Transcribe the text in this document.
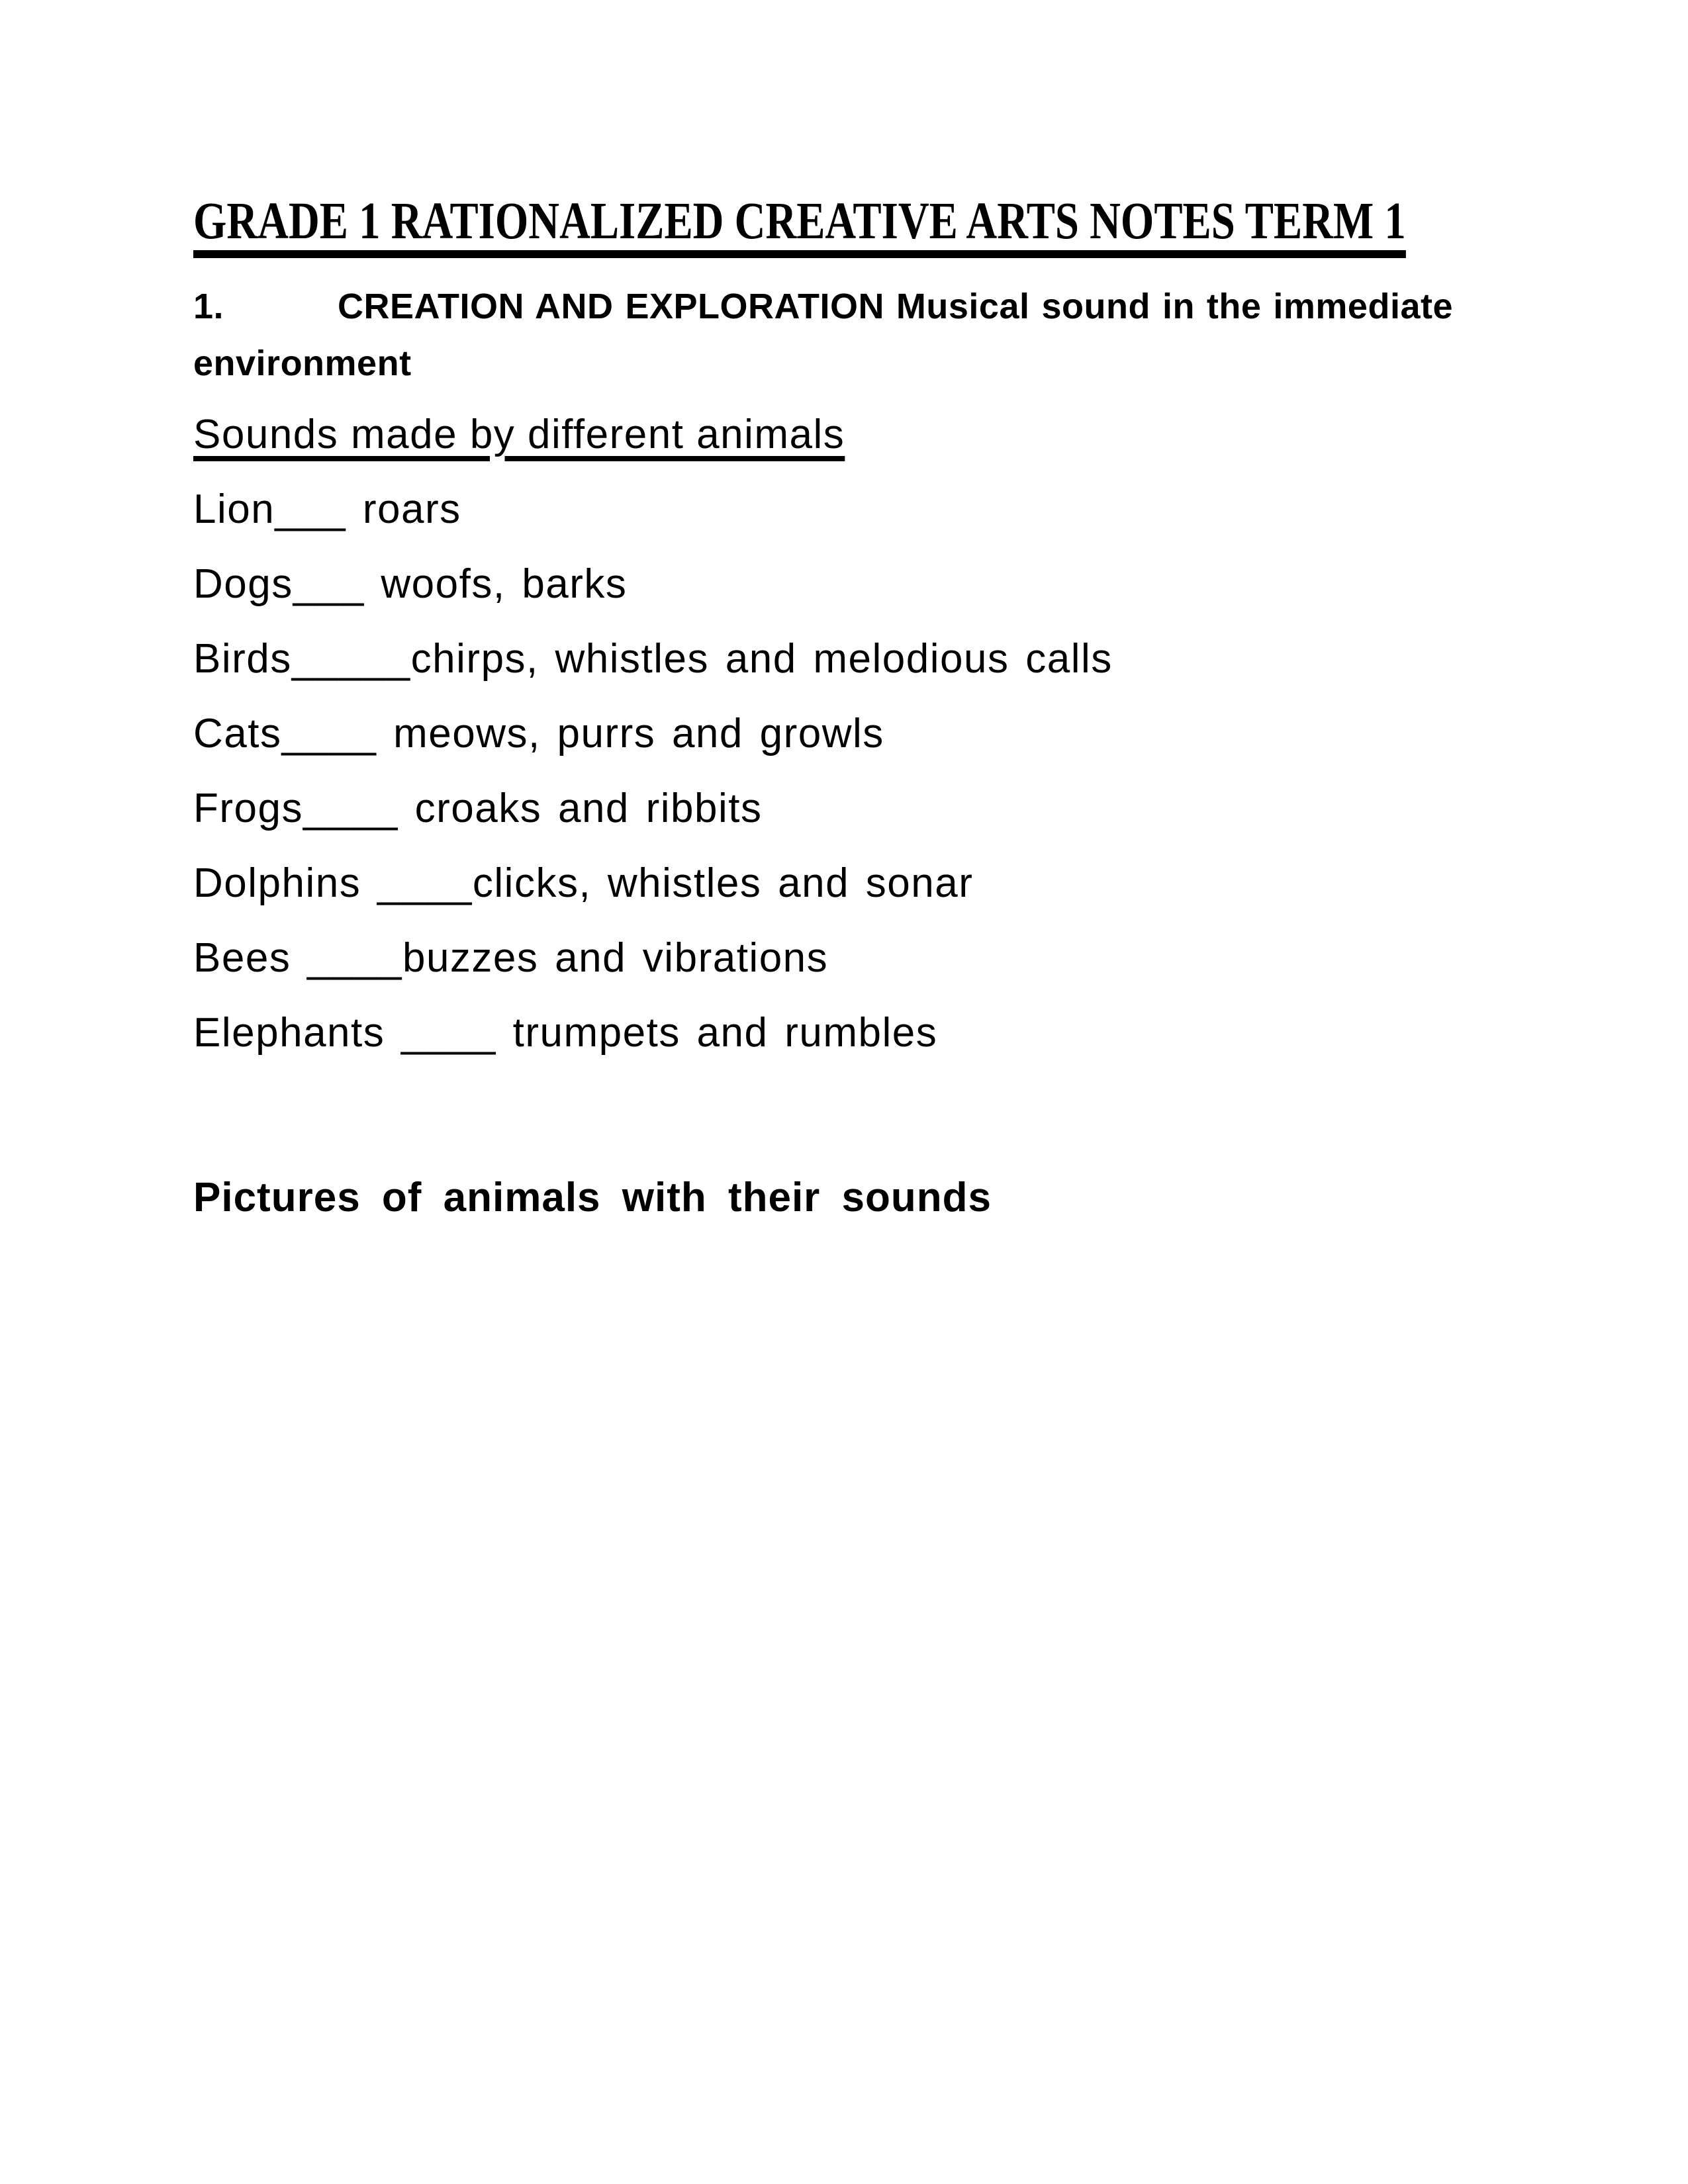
GRADE 1 RATIONALIZED CREATIVE ARTS NOTES TERM 1
1.	CREATION AND EXPLORATION Musical sound in the immediate
environment
Sounds made by different animals
Lion___ roars
Dogs___ woofs, barks
Birds_____chirps, whistles and melodious calls
Cats____ meows, purrs and growls
Frogs____ croaks and ribbits
Dolphins ____clicks, whistles and sonar
Bees ____buzzes and vibrations
Elephants ____ trumpets and rumbles
Pictures of animals with their sounds
